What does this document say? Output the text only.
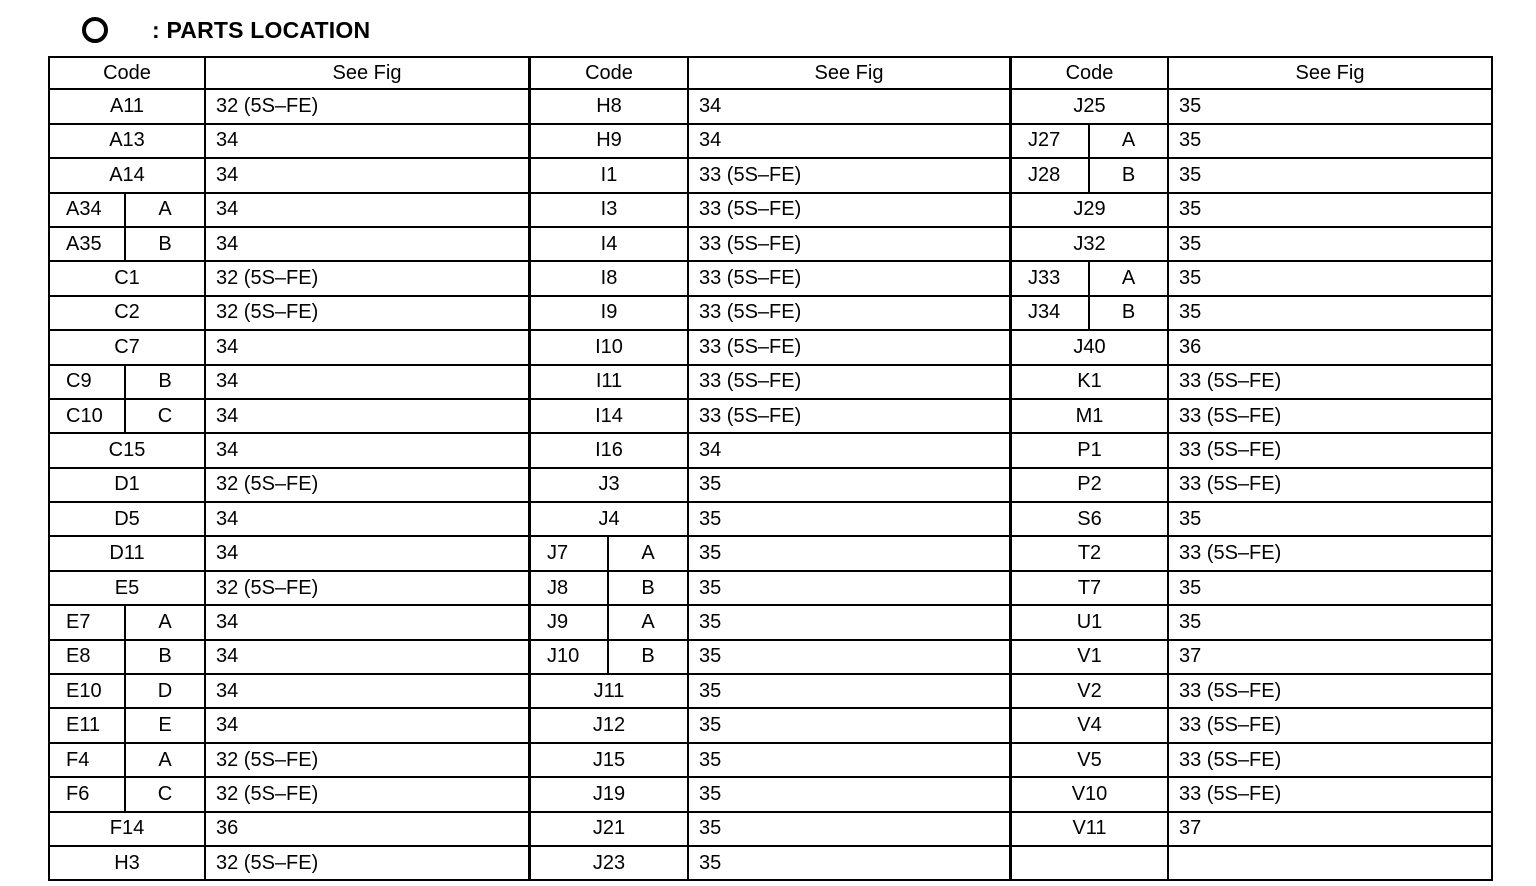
: PARTS LOCATION
Code	See Fig
A11	32 (5S–FE)
A13	34
A14	34
A34	A	34
A35	B	34
C1	32 (5S–FE)
C2	32 (5S–FE)
C7	34
C9	B	34
C10	C	34
C15	34
D1	32 (5S–FE)
D5	34
D11	34
E5	32 (5S–FE)
E7	A	34
E8	B	34
E10	D	34
E11	E	34
F4	A	32 (5S–FE)
F6	C	32 (5S–FE)
F14	36
H3	32 (5S–FE)
Code	See Fig
H8	34
H9	34
I1	33 (5S–FE)
I3	33 (5S–FE)
I4	33 (5S–FE)
I8	33 (5S–FE)
I9	33 (5S–FE)
I10	33 (5S–FE)
I11	33 (5S–FE)
I14	33 (5S–FE)
I16	34
J3	35
J4	35
J7	A	35
J8	B	35
J9	A	35
J10	B	35
J11	35
J12	35
J15	35
J19	35
J21	35
J23	35
Code	See Fig
J25	35
J27	A	35
J28	B	35
J29	35
J32	35
J33	A	35
J34	B	35
J40	36
K1	33 (5S–FE)
M1	33 (5S–FE)
P1	33 (5S–FE)
P2	33 (5S–FE)
S6	35
T2	33 (5S–FE)
T7	35
U1	35
V1	37
V2	33 (5S–FE)
V4	33 (5S–FE)
V5	33 (5S–FE)
V10	33 (5S–FE)
V11	37
